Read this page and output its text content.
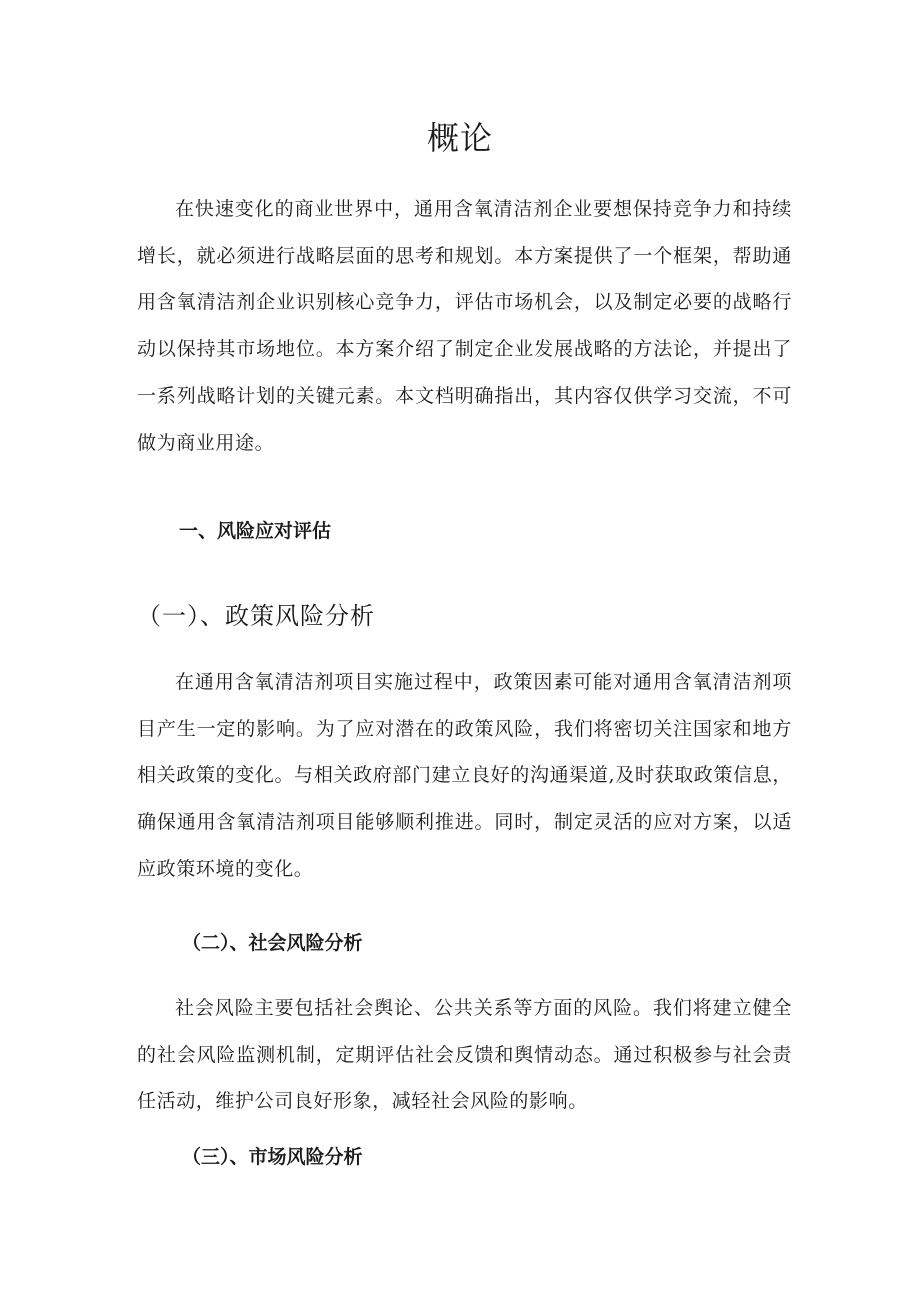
概论

在快速变化的商业世界中，通用含氧清洁剂企业要想保持竞争力和持续增长，就必须进行战略层面的思考和规划。本方案提供了一个框架，帮助通用含氧清洁剂企业识别核心竞争力，评估市场机会，以及制定必要的战略行动以保持其市场地位。本方案介绍了制定企业发展战略的方法论，并提出了一系列战略计划的关键元素。本文档明确指出，其内容仅供学习交流，不可做为商业用途。

一、风险应对评估
（一）、政策风险分析

在通用含氧清洁剂项目实施过程中，政策因素可能对通用含氧清洁剂项目产生一定的影响。为了应对潜在的政策风险，我们将密切关注国家和地方相关政策的变化。与相关政府部门建立良好的沟通渠道,及时获取政策信息，确保通用含氧清洁剂项目能够顺利推进。同时，制定灵活的应对方案，以适应政策环境的变化。

（二）、社会风险分析

社会风险主要包括社会舆论、公共关系等方面的风险。我们将建立健全的社会风险监测机制，定期评估社会反馈和舆情动态。通过积极参与社会责任活动，维护公司良好形象，减轻社会风险的影响。

（三）、市场风险分析
